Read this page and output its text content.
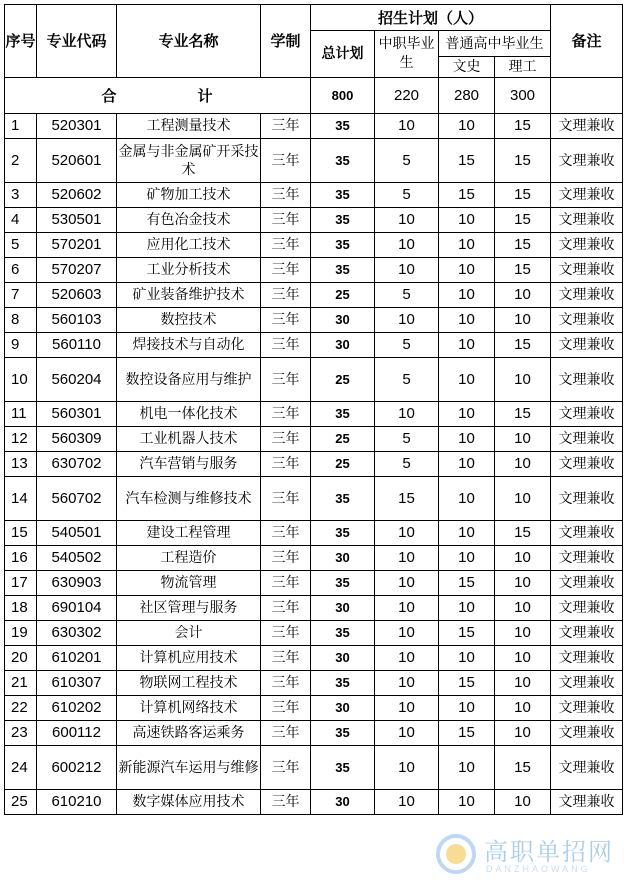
序号	专业代码	专业名称	学制	招生计划（人）				备注
				总计划	中职毕业生	普通高中毕业生		
						文史	理工	
合 计				800	220	280	300	
1	520301	工程测量技术	三年	35	10	10	15	文理兼收
2	520601	金属与非金属矿开采技术	三年	35	5	15	15	文理兼收
3	520602	矿物加工技术	三年	35	5	15	15	文理兼收
4	530501	有色冶金技术	三年	35	10	10	15	文理兼收
5	570201	应用化工技术	三年	35	10	10	15	文理兼收
6	570207	工业分析技术	三年	35	10	10	15	文理兼收
7	520603	矿业装备维护技术	三年	25	5	10	10	文理兼收
8	560103	数控技术	三年	30	10	10	10	文理兼收
9	560110	焊接技术与自动化	三年	30	5	10	15	文理兼收
10	560204	数控设备应用与维护	三年	25	5	10	10	文理兼收
11	560301	机电一体化技术	三年	35	10	10	15	文理兼收
12	560309	工业机器人技术	三年	25	5	10	10	文理兼收
13	630702	汽车营销与服务	三年	25	5	10	10	文理兼收
14	560702	汽车检测与维修技术	三年	35	15	10	10	文理兼收
15	540501	建设工程管理	三年	35	10	10	15	文理兼收
16	540502	工程造价	三年	30	10	10	10	文理兼收
17	630903	物流管理	三年	35	10	15	10	文理兼收
18	690104	社区管理与服务	三年	30	10	10	10	文理兼收
19	630302	会计	三年	35	10	15	10	文理兼收
20	610201	计算机应用技术	三年	30	10	10	10	文理兼收
21	610307	物联网工程技术	三年	35	10	15	10	文理兼收
22	610202	计算机网络技术	三年	30	10	10	10	文理兼收
23	600112	高速铁路客运乘务	三年	35	10	15	10	文理兼收
24	600212	新能源汽车运用与维修	三年	35	10	10	15	文理兼收
25	610210	数字媒体应用技术	三年	30	10	10	10	文理兼收
高职单招网
DANZHAOWANG
